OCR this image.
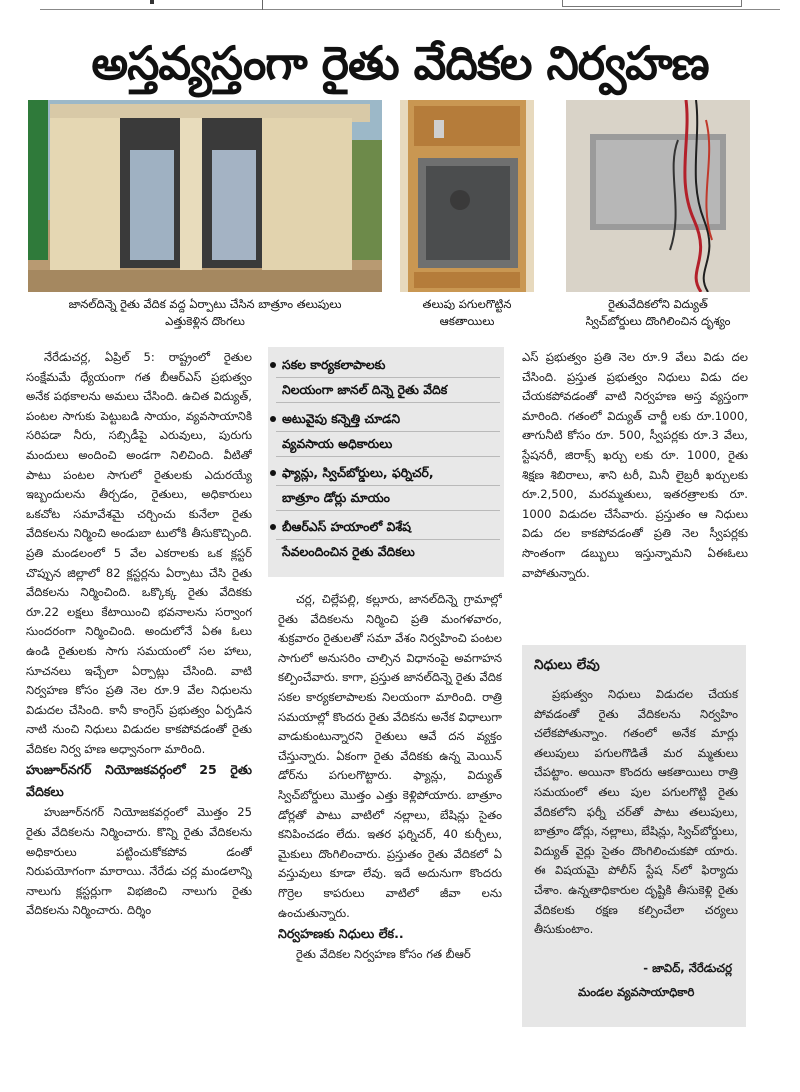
అస్తవ్యస్తంగా రైతు వేదికల నిర్వహణ
జానల్‌దిన్నె రైతు వేదిక వద్ద ఏర్పాటు చేసిన బాత్రూం తలుపులు
ఎత్తుకెళ్లిన దొంగలు
తలుపు పగులగొట్టిన
ఆకతాయిలు
రైతువేదికలోని విద్యుత్‌
స్విచ్‌బోర్డులు దొంగిలించిన దృశ్యం

నేరేడుచర్ల, ఏప్రిల్ 5: రాష్ట్రంలో రైతుల సంక్షేమమే ధ్యేయంగా గత బీఆర్‌ఎస్ ప్రభుత్వం అనేక పథకాలను అమలు చేసింది. ఉచిత విద్యుత్, పంటల సాగుకు పెట్టుబడి సాయం, వ్యవసాయానికి సరిపడా నీరు, సబ్సిడీపై ఎరువులు, పురుగు మందులు అందించి అండగా నిలిచింది. వీటితో పాటు పంటల సాగులో రైతులకు ఎదురయ్యే ఇబ్బందులను తీర్చడం, రైతులు, అధికారులు ఒకచోట సమావేశమై చర్చించు కునేలా రైతు వేదికలను నిర్మించి అండుబా టులోకి తీసుకొచ్చింది. ప్రతి మండలంలో 5 వేల ఎకరాలకు ఒక క్లస్టర్ చొప్పున జిల్లాలో 82 క్లస్టర్లను ఏర్పాటు చేసి రైతు వేదికలను నిర్మించింది. ఒక్కొక్క రైతు వేదికకు రూ.22 లక్షలు కేటాయించి భవనాలను సర్వాంగ సుందరంగా నిర్మించింది. అందులోనే ఏఈ ఓలు ఉండి రైతులకు సాగు సమయంలో సల హాలు, సూచనలు ఇచ్చేలా ఏర్పాట్లు చేసింది. వాటి నిర్వహణ కోసం ప్రతి నెల రూ.9 వేల నిధులను విడుదల చేసింది. కానీ కాంగ్రెస్ ప్రభుత్వం ఏర్పడిన నాటి నుంచి నిధులు విడుదల కాకపోవడంతో రైతు వేదికల నిర్వ హణ అధ్వానంగా మారింది.

హుజూర్‌నగర్ నియోజకవర్గంలో 25 రైతు వేదికలు

హుజూర్‌నగర్ నియోజకవర్గంలో మొత్తం 25 రైతు వేదికలను నిర్మించారు. కొన్ని రైతు వేదికలను అధికారులు పట్టించుకోకపోవ డంతో నిరుపయోగంగా మారాయి. నేరేడు చర్ల మండలాన్ని నాలుగు క్లస్టర్లుగా విభజించి నాలుగు రైతు వేదికలను నిర్మించారు. దిర్శిం

సకల కార్యకలాపాలకు
నిలయంగా జానల్ దిన్నె రైతు వేదిక
అటువైపు కన్నెత్తి చూడని
వ్యవసాయ అధికారులు
ఫ్యాన్లు, స్విచ్‌బోర్డులు, ఫర్నిచర్,
బాత్రూం డోర్లు మాయం
బీఆర్‌ఎస్ హయాంలో విశేష
సేవలందించిన రైతు వేదికలు

చర్ల, చిల్లేపల్లి, కల్లూరు, జానల్‌దిన్నె గ్రామాల్లో రైతు వేదికలను నిర్మించి ప్రతి మంగళవారం, శుక్రవారం రైతులతో సమా వేశం నిర్వహించి పంటల సాగులో అనుసరిం చాల్సిన విధానంపై అవగాహన కల్పించేవారు. కాగా, ప్రస్తుత జానల్‌దిన్నె రైతు వేదిక సకల కార్యకలాపాలకు నిలయంగా మారింది. రాత్రి సమయాల్లో కొందరు రైతు వేదికను అనేక విధాలుగా వాడుకుంటున్నారని రైతులు ఆవే దన వ్యక్తం చేస్తున్నారు. ఏకంగా రైతు వేదికకు ఉన్న మెయిన్ డోర్‌ను పగులగొట్టారు. ఫ్యాన్లు, విద్యుత్ స్విచ్‌బోర్డులు మొత్తం ఎత్తు కెళ్లిపోయారు. బాత్రూం డోర్లతో పాటు వాటిలో నల్లాలు, బేషిన్లు సైతం కనిపించడం లేదు. ఇతర ఫర్నిచర్, 40 కుర్చీలు, మైకులు దొంగిలించారు. ప్రస్తుతం రైతు వేదికలో ఏ వస్తువులు కూడా లేవు. ఇదే అదునుగా కొందరు గొర్రెల కాపరులు వాటిలో జీవా లను ఉంచుతున్నారు.

నిర్వహణకు నిధులు లేక..

రైతు వేదికల నిర్వహణ కోసం గత బీఆర్

ఎస్ ప్రభుత్వం ప్రతి నెల రూ.9 వేలు విడు దల చేసింది. ప్రస్తుత ప్రభుత్వం నిధులు విడు దల చేయకపోవడంతో వాటి నిర్వహణ అస్త వ్యస్తంగా మారింది. గతంలో విద్యుత్ చార్జీ లకు రూ.1000, తాగునీటి కోసం రూ. 500, స్వీపర్లకు రూ.3 వేలు, స్టేషనరీ, జిరాక్స్ ఖర్చు లకు రూ. 1000, రైతు శిక్షణ శిబిరాలు, శాని టరీ, మినీ లైబ్రరీ ఖర్చులకు రూ.2,500, మరమ్మతులు, ఇతరత్రాలకు రూ. 1000 విడుదల చేసేవారు. ప్రస్తుతం ఆ నిధులు విడు దల కాకపోవడంతో ప్రతి నెల స్వీపర్లకు సొంతంగా డబ్బులు ఇస్తున్నామని ఏఈఓలు వాపోతున్నారు.

నిధులు లేవు

ప్రభుత్వం నిధులు విడుదల చేయక పోవడంతో రైతు వేదికలను నిర్వహిం చలేకపోతున్నాం. గతంలో అనేక మార్లు తలుపులు పగులగొడితే మర మ్మతులు చేపట్టాం. అయినా కొందరు ఆకతాయిలు రాత్రి సమయంలో తలు పుల పగులగొట్టి రైతు వేదికలోని ఫర్నీ చర్‌తో పాటు తలుపులు, బాత్రూం డోర్లు, నల్లాలు, బేషిన్లు, స్విచ్‌బోర్డులు, విద్యుత్ వైర్లు సైతం దొంగిలించుకపో యారు. ఈ విషయమై పోలీస్ స్టేష న్‌లో ఫిర్యాదు చేశాం. ఉన్నతాధికారుల దృష్టికి తీసుకెళ్లి రైతు వేదికలకు రక్షణ కల్పించేలా చర్యలు తీసుకుంటాం.

- జావిద్, నేరేడుచర్ల
మండల వ్యవసాయాధికారి
